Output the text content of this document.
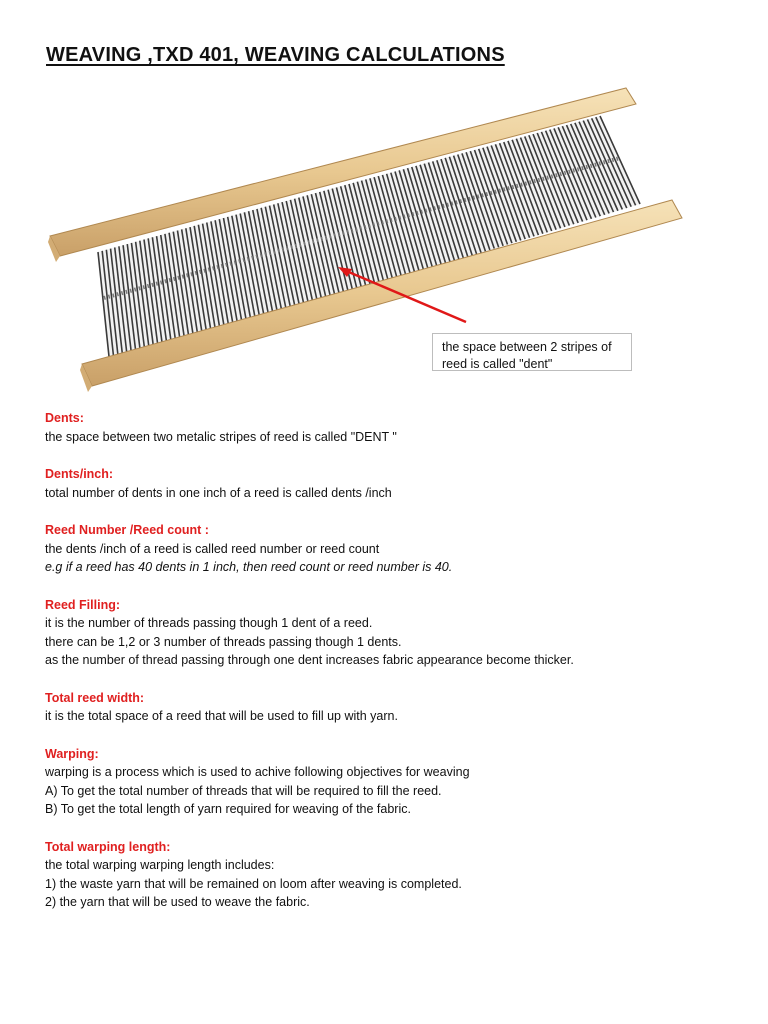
WEAVING ,TXD 401, WEAVING CALCULATIONS
the space between 2 stripes of reed is called "dent"
Dents:
the space between two metalic stripes of reed is called "DENT "
Dents/inch:
total number of dents in one inch of a reed is called dents /inch
Reed Number /Reed count :
the dents /inch of a reed is called reed number or reed count
e.g if a reed has 40 dents in 1 inch, then reed count or reed number is 40.
Reed Filling:
it is the number of threads passing though 1 dent of a reed.
there can be 1,2 or 3 number of threads passing though 1 dents.
as the number of thread passing through one dent increases fabric appearance become thicker.
Total reed width:
it is the total space of a reed that will be used to fill up with yarn.
Warping:
warping is a process which is used to achive following objectives for weaving
A) To get the total number of threads that will be required to fill the reed.
B) To get the total length of yarn required for weaving of the fabric.
Total warping length:
the total warping warping length includes:
1) the waste yarn that will be remained on loom after weaving is completed.
2) the yarn that will be used to weave the fabric.
